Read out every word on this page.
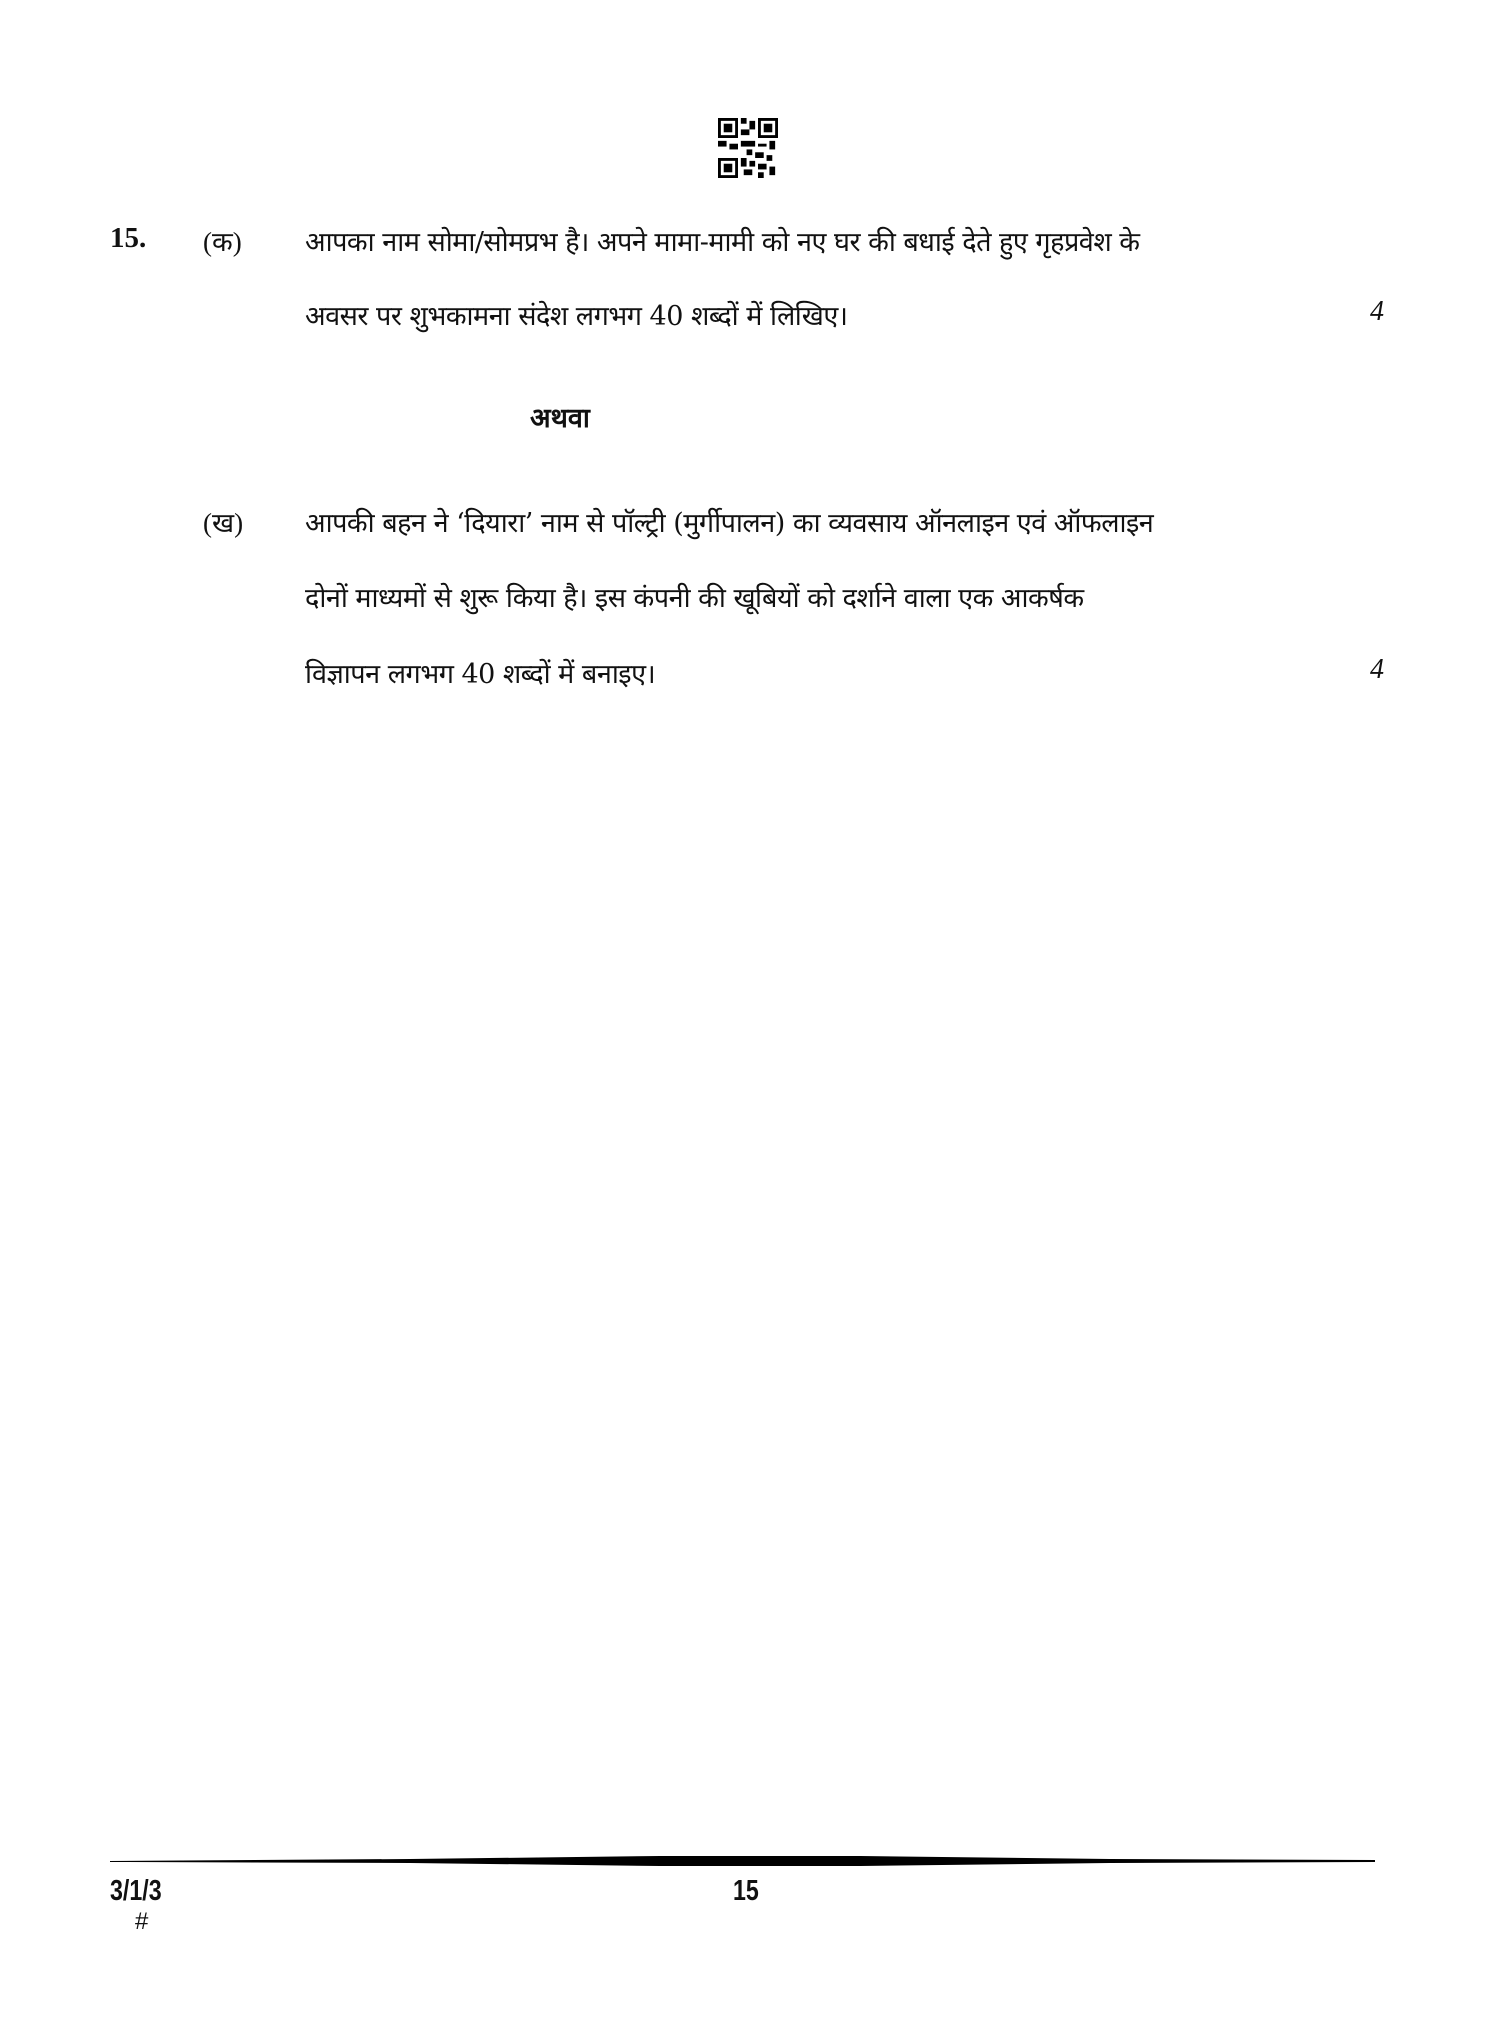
15. (क) आपका नाम सोमा/सोमप्रभ है। अपने मामा-मामी को नए घर की बधाई देते हुए गृहप्रवेश के
अवसर पर शुभकामना संदेश लगभग 40 शब्दों में लिखिए।	4
अथवा
(ख) आपकी बहन ने ‘दियारा’ नाम से पॉल्ट्री (मुर्गीपालन) का व्यवसाय ऑनलाइन एवं ऑफलाइन
दोनों माध्यमों से शुरू किया है। इस कंपनी की खूबियों को दर्शाने वाला एक आकर्षक
विज्ञापन लगभग 40 शब्दों में बनाइए।	4
3/1/3
#
15
